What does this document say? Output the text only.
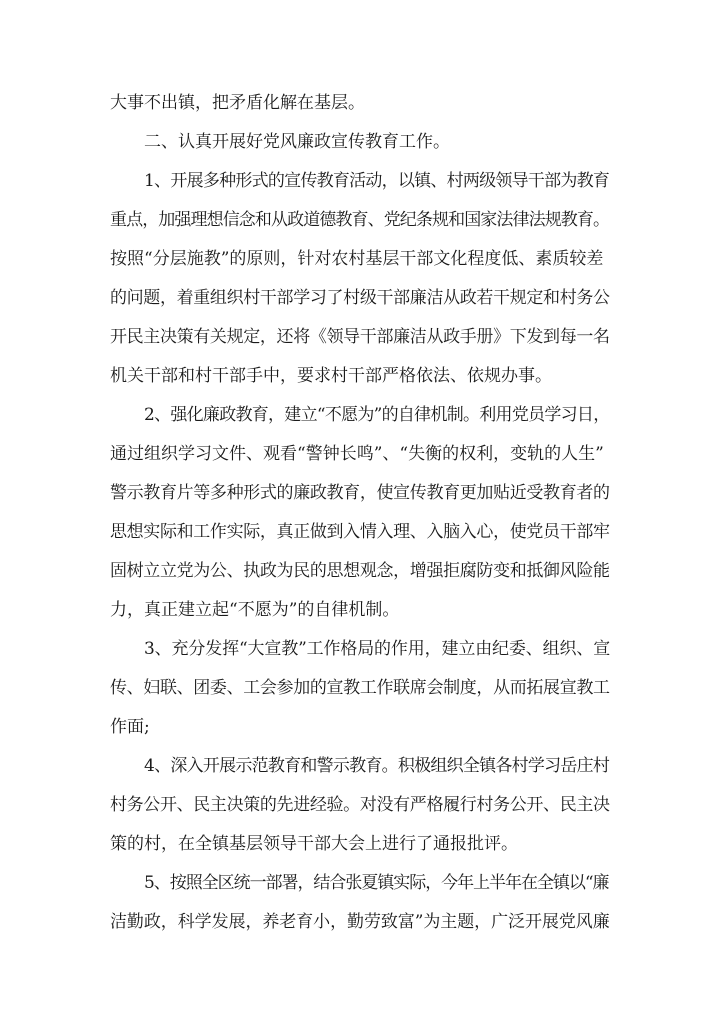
大事不出镇，把矛盾化解在基层。
二、认真开展好党风廉政宣传教育工作。
1、开展多种形式的宣传教育活动，以镇、村两级领导干部为教育
重点，加强理想信念和从政道德教育、党纪条规和国家法律法规教育。
按照“分层施教”的原则，针对农村基层干部文化程度低、素质较差
的问题，着重组织村干部学习了村级干部廉洁从政若干规定和村务公
开民主决策有关规定，还将《领导干部廉洁从政手册》下发到每一名
机关干部和村干部手中，要求村干部严格依法、依规办事。
2、强化廉政教育，建立“不愿为”的自律机制。利用党员学习日，
通过组织学习文件、观看“警钟长鸣”、“失衡的权利，变轨的人生”
警示教育片等多种形式的廉政教育，使宣传教育更加贴近受教育者的
思想实际和工作实际，真正做到入情入理、入脑入心，使党员干部牢
固树立立党为公、执政为民的思想观念，增强拒腐防变和抵御风险能
力，真正建立起“不愿为”的自律机制。
3、充分发挥“大宣教”工作格局的作用，建立由纪委、组织、宣
传、妇联、团委、工会参加的宣教工作联席会制度，从而拓展宣教工
作面;
4、深入开展示范教育和警示教育。积极组织全镇各村学习岳庄村
村务公开、民主决策的先进经验。对没有严格履行村务公开、民主决
策的村，在全镇基层领导干部大会上进行了通报批评。
5、按照全区统一部署，结合张夏镇实际，今年上半年在全镇以“廉
洁勤政，科学发展，养老育小，勤劳致富”为主题，广泛开展党风廉
